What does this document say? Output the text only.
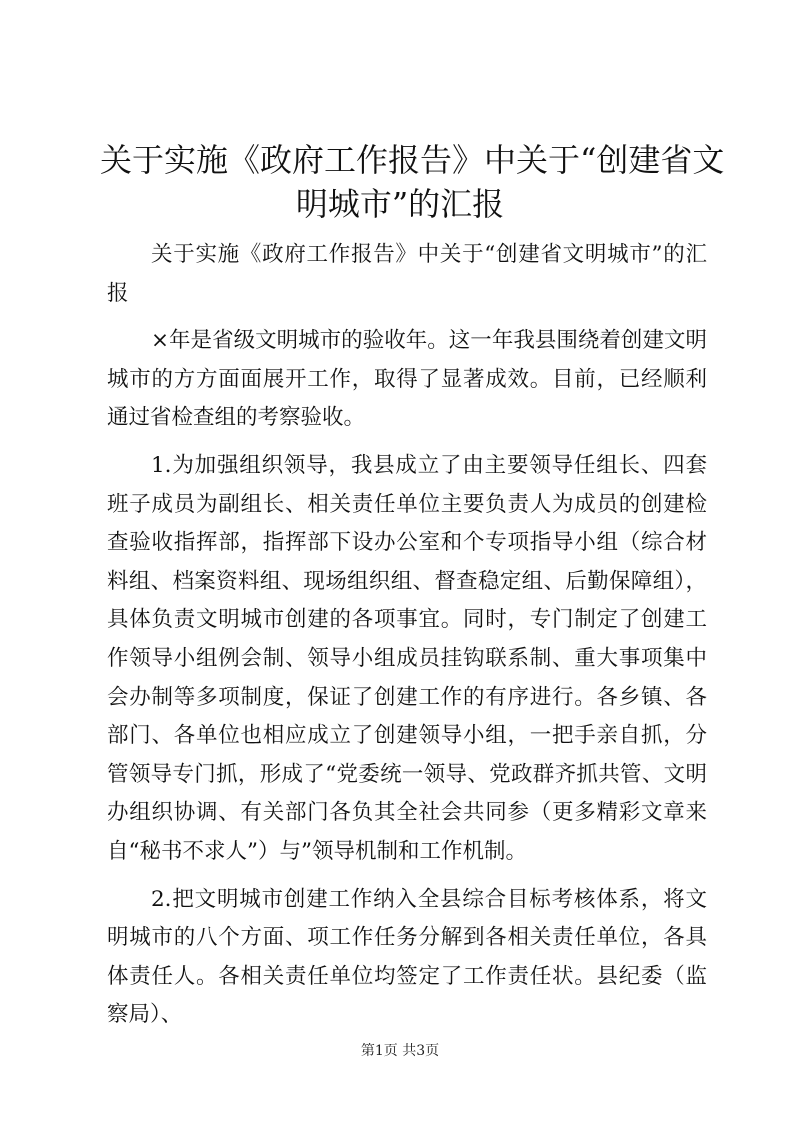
关于实施《政府工作报告》中关于“创建省文
明城市”的汇报

关于实施《政府工作报告》中关于“创建省文明城市”的汇报

×年是省级文明城市的验收年。这一年我县围绕着创建文明城市的方方面面展开工作，取得了显著成效。目前，已经顺利通过省检查组的考察验收。

1.为加强组织领导，我县成立了由主要领导任组长、四套班子成员为副组长、相关责任单位主要负责人为成员的创建检查验收指挥部，指挥部下设办公室和个专项指导小组（综合材料组、档案资料组、现场组织组、督查稳定组、后勤保障组），具体负责文明城市创建的各项事宜。同时，专门制定了创建工作领导小组例会制、领导小组成员挂钩联系制、重大事项集中会办制等多项制度，保证了创建工作的有序进行。各乡镇、各部门、各单位也相应成立了创建领导小组，一把手亲自抓，分管领导专门抓，形成了“党委统一领导、党政群齐抓共管、文明办组织协调、有关部门各负其全社会共同参（更多精彩文章来自“秘书不求人”）与”领导机制和工作机制。

2.把文明城市创建工作纳入全县综合目标考核体系，将文明城市的八个方面、项工作任务分解到各相关责任单位，各具体责任人。各相关责任单位均签定了工作责任状。县纪委（监察局）、

第1页 共3页
